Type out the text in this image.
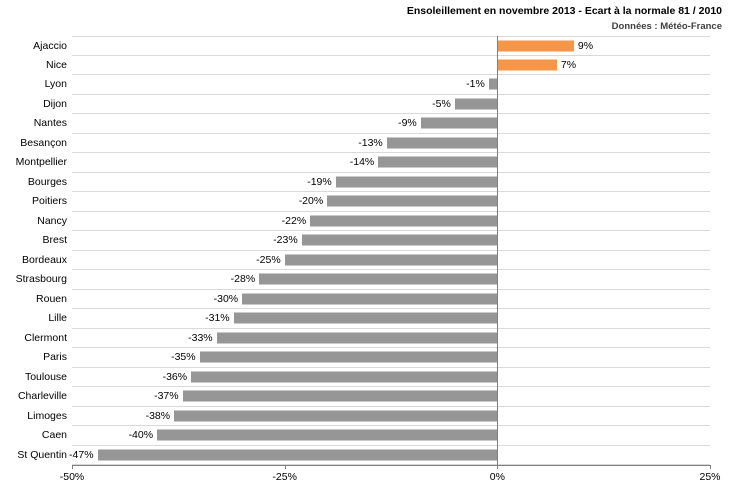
Ensoleillement en novembre 2013 - Ecart à la normale 81 / 2010
Données : Météo-France
Ajaccio	9%
Nice	7%
Lyon	-1%
Dijon	-5%
Nantes	-9%
Besançon	-13%
Montpellier	-14%
Bourges	-19%
Poitiers	-20%
Nancy	-22%
Brest	-23%
Bordeaux	-25%
Strasbourg	-28%
Rouen	-30%
Lille	-31%
Clermont	-33%
Paris	-35%
Toulouse	-36%
Charleville	-37%
Limoges	-38%
Caen	-40%
St Quentin -47%
-50%	-25%	0%	25%
